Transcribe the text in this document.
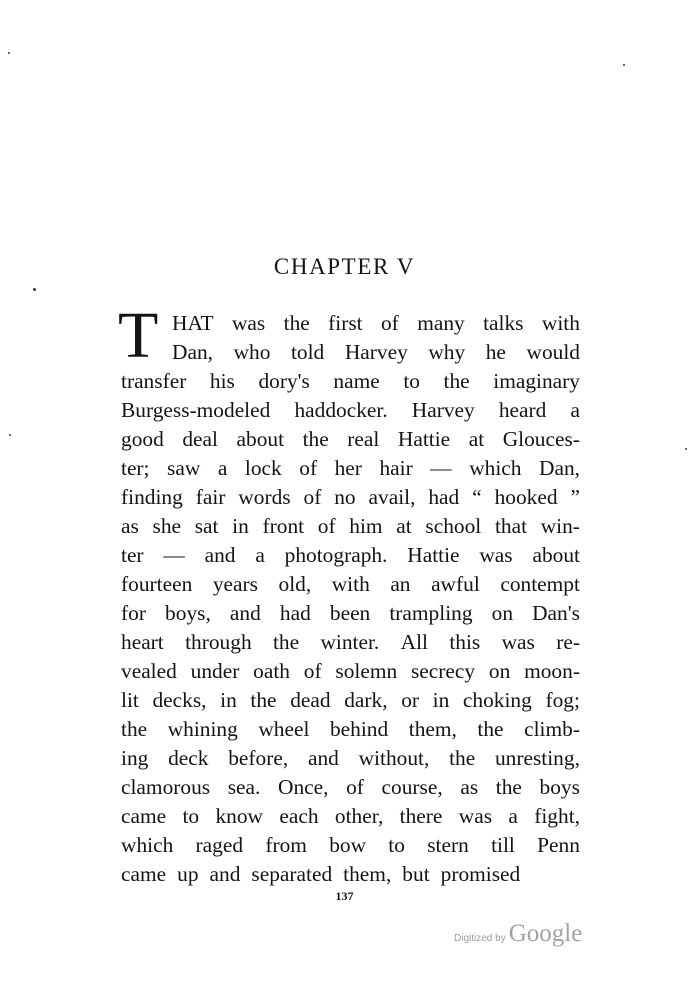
CHAPTER V
T HAT was the first of many talks with
Dan, who told Harvey why he would
transfer his dory's name to the imaginary
Burgess-modeled haddocker. Harvey heard a
good deal about the real Hattie at Glouces-
ter; saw a lock of her hair — which Dan,
finding fair words of no avail, had “ hooked ”
as she sat in front of him at school that win-
ter — and a photograph. Hattie was about
fourteen years old, with an awful contempt
for boys, and had been trampling on Dan's
heart through the winter. All this was re-
vealed under oath of solemn secrecy on moon-
lit decks, in the dead dark, or in choking fog;
the whining wheel behind them, the climb-
ing deck before, and without, the unresting,
clamorous sea. Once, of course, as the boys
came to know each other, there was a fight,
which raged from bow to stern till Penn
came up and separated them, but promised
137
Digitized by Google
